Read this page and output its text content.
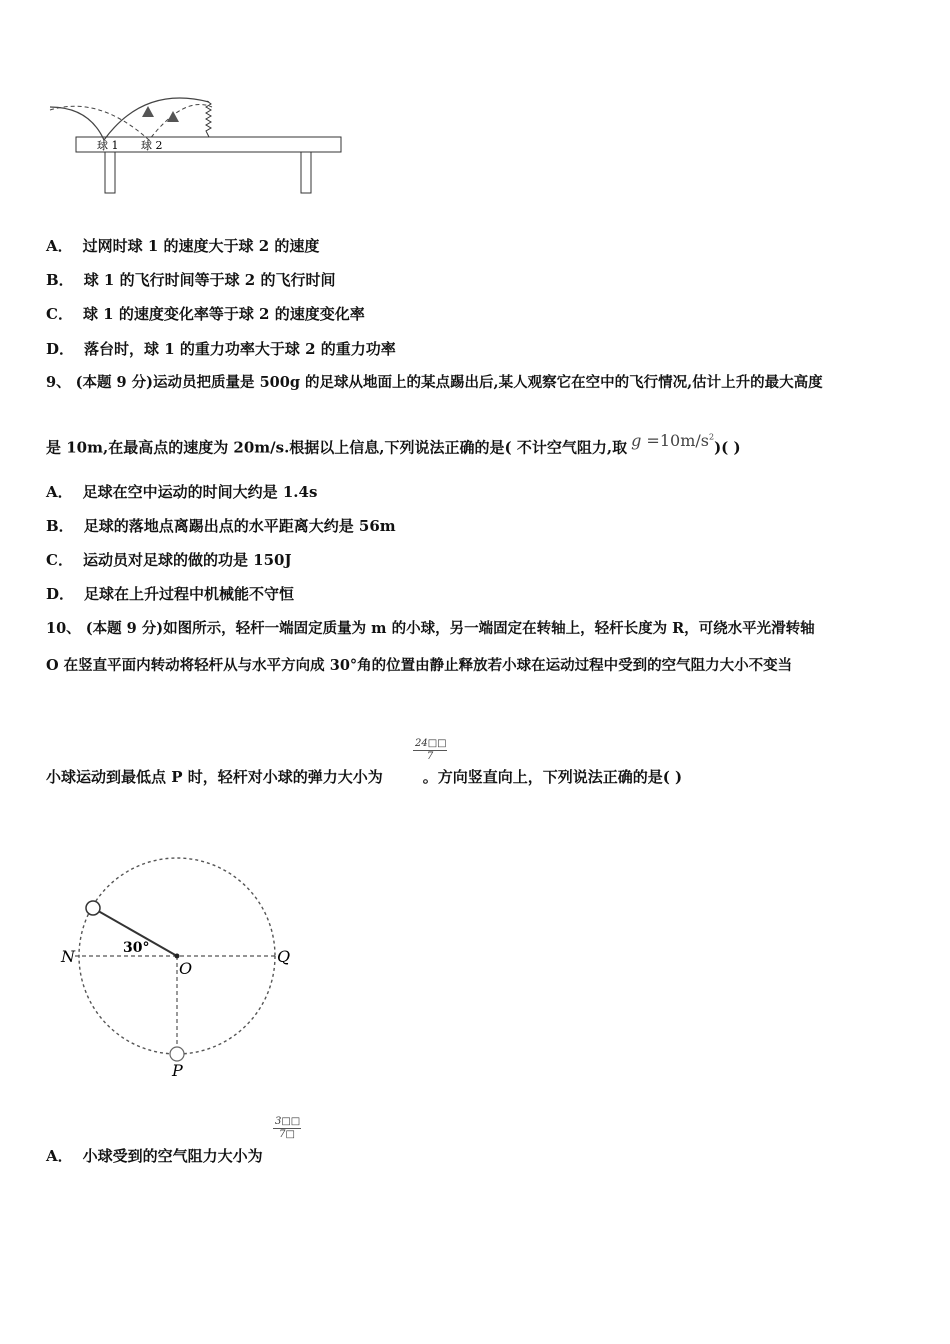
球 1 球 2
A． 过网时球 1 的速度大于球 2 的速度
B． 球 1 的飞行时间等于球 2 的飞行时间
C． 球 1 的速度变化率等于球 2 的速度变化率
D． 落台时，球 1 的重力功率大于球 2 的重力功率
9、 (本题 9 分)运动员把质量是 500g 的足球从地面上的某点踢出后,某人观察它在空中的飞行情况,估计上升的最大高度
是 10m,在最高点的速度为 20m/s.根据以上信息,下列说法正确的是( 不计空气阻力,取 $g =10m/s^2$)( )
A． 足球在空中运动的时间大约是 1.4s
B． 足球的落地点离踢出点的水平距离大约是 56m
C． 运动员对足球的做的功是 150J
D． 足球在上升过程中机械能不守恒
10、 (本题 9 分)如图所示，轻杆一端固定质量为 m 的小球，另一端固定在转轴上，轻杆长度为 R，可绕水平光滑转轴
O 在竖直平面内转动将轻杆从与水平方向成 30°角的位置由静止释放若小球在运动过程中受到的空气阻力大小不变当
$\frac{24□□}{7}$
小球运动到最低点 P 时，轻杆对小球的弹力大小为	。方向竖直向上，下列说法正确的是( )
N
O
Q
P
30°
$\frac{3□□}{7□}$
A． 小球受到的空气阻力大小为
